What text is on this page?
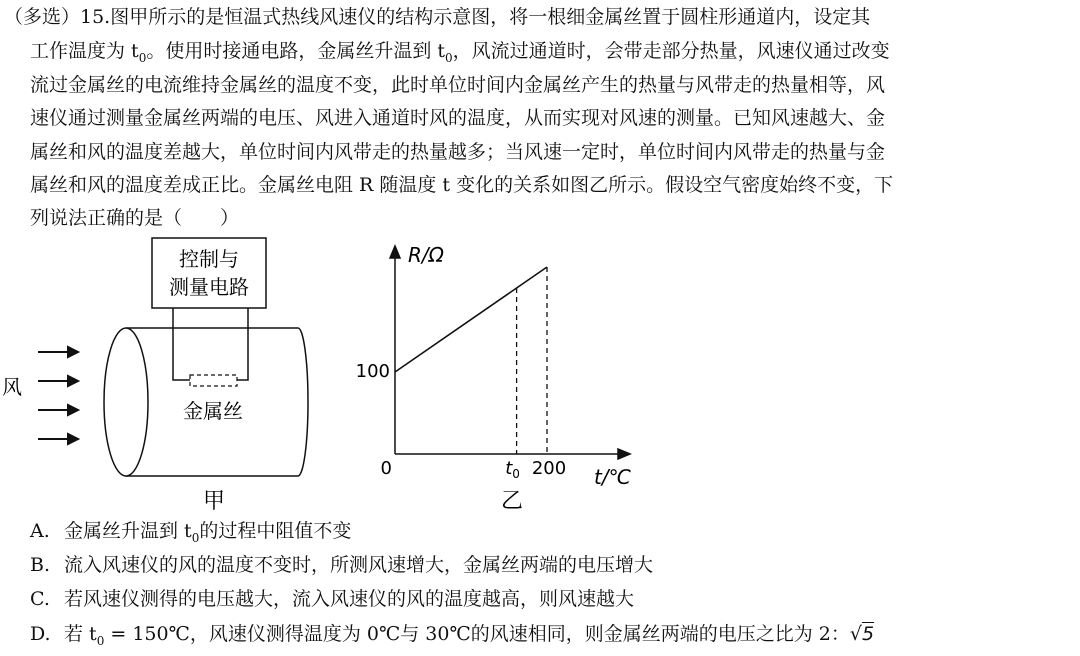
（多选）15.图甲所示的是恒温式热线风速仪的结构示意图，将一根细金属丝置于圆柱形通道内，设定其
工作温度为 $t_0$。使用时接通电路，金属丝升温到 $t_0$，风流过通道时，会带走部分热量，风速仪通过改变
流过金属丝的电流维持金属丝的温度不变，此时单位时间内金属丝产生的热量与风带走的热量相等，风
速仪通过测量金属丝两端的电压、风进入通道时风的温度，从而实现对风速的测量。已知风速越大、金
属丝和风的温度差越大，单位时间内风带走的热量越多；当风速一定时，单位时间内风带走的热量与金
属丝和风的温度差成正比。金属丝电阻 R 随温度 t 变化的关系如图乙所示。假设空气密度始终不变，下
列说法正确的是（　　）
控制与
测量电路
金属丝
风
甲
R/Ω
t/℃
0
100
$t_0$ 200
乙
A. 金属丝升温到 $t_0$的过程中阻值不变
B. 流入风速仪的风的温度不变时，所测风速增大，金属丝两端的电压增大
C. 若风速仪测得的电压越大，流入风速仪的风的温度越高，则风速越大
D. 若 $t_0$ = 150℃，风速仪测得温度为 0℃与 30℃的风速相同，则金属丝两端的电压之比为 2：√5
